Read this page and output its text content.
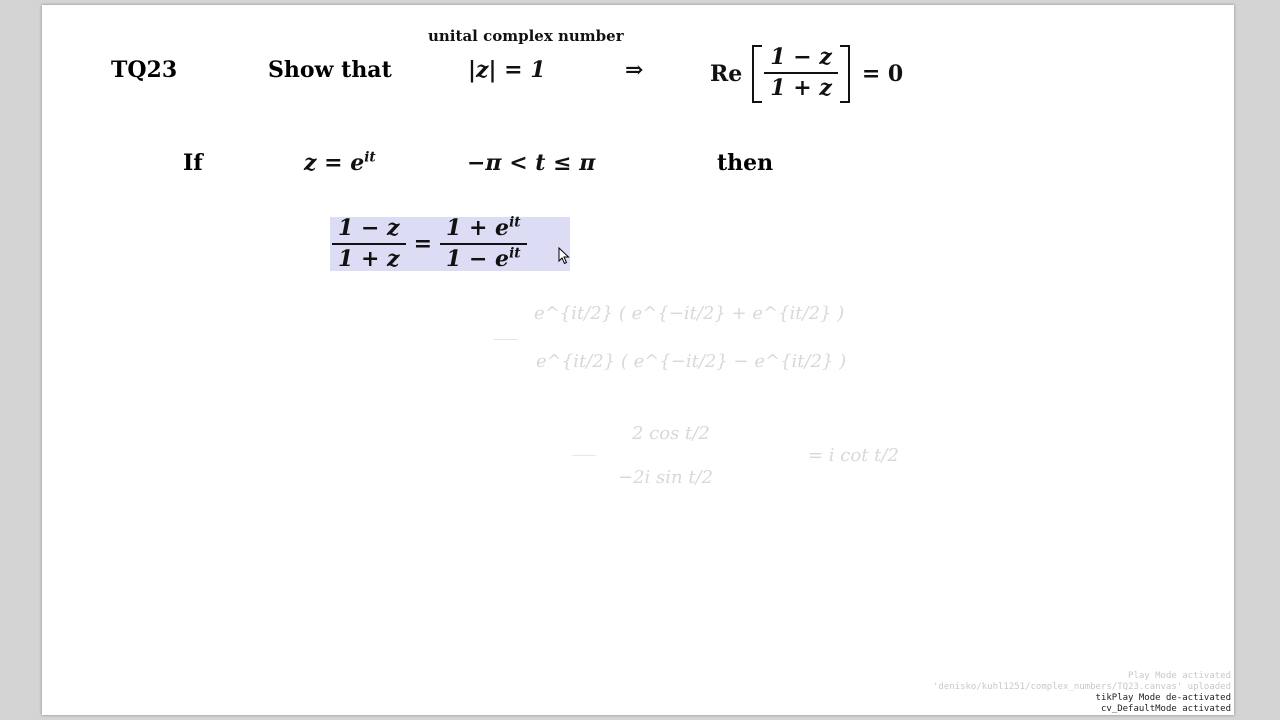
unital complex number
TQ23	Show that	|z| = 1	⇒	Re $\frac{1 - z}{1 + z} = 0$
If	$z = e^{it}$	−π < t ≤ π	then
$\frac{1 - z}{1 + z} = \frac{1 + e^{it}}{1 - e^{it}}$
e^{it/2} ( e^{−it/2} + e^{it/2} )
e^{it/2} ( e^{−it/2} − e^{it/2} )
2 cos t/2
−2i sin t/2
= i cot t/2
Play Mode activated
'denisko/kuhl1251/complex_numbers/TQ23.canvas' uploaded
tikPlay Mode de-activated
cv_DefaultMode activated
